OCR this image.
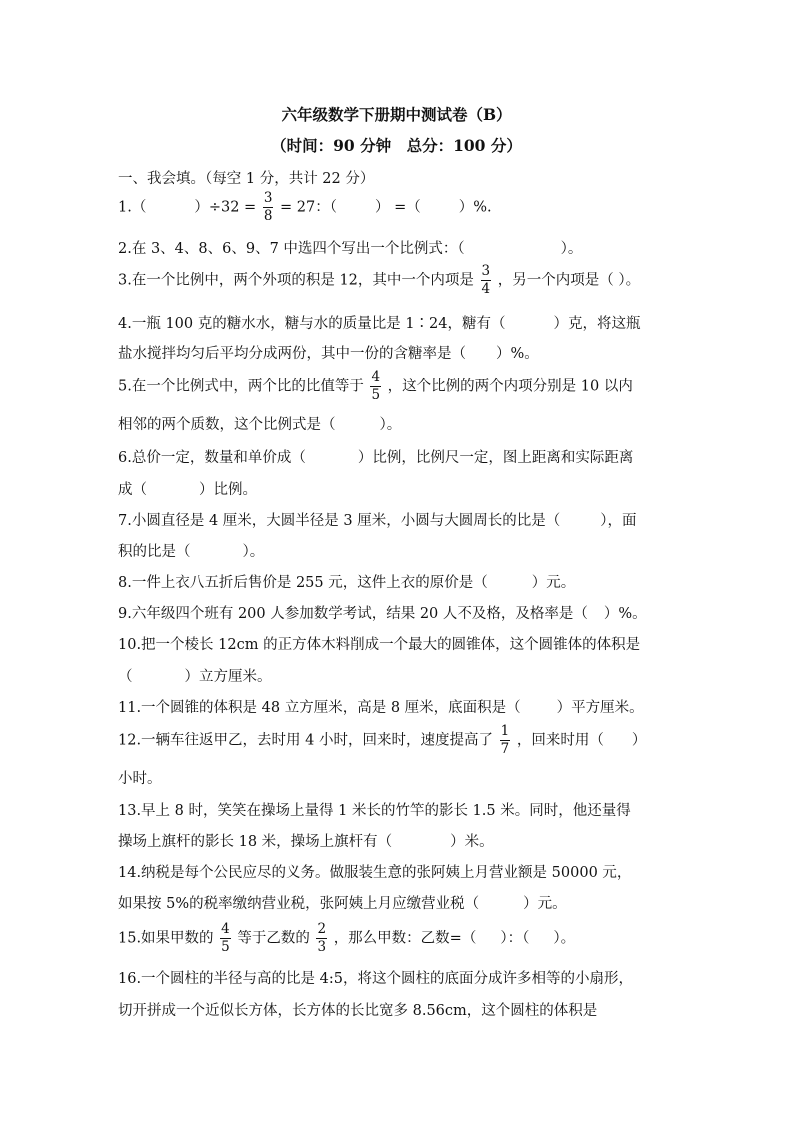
六年级数学下册期中测试卷（B）
（时间：90 分钟　总分：100 分）
一、我会填。（每空 1 分，共计 22 分）
1.（	）$\div 32 = \frac{3}{8} = 27$：（	） =（	）%.
2.在 3、4、8、6、9、7 中选四个写出一个比例式：（	）。
3.在一个比例中，两个外项的积是 12，其中一个内项是 $\frac{3}{4}$ ，另一个内项是（ ）。
4.一瓶 100 克的糖水水，糖与水的质量比是 1∶24，糖有（	）克，将这瓶
盐水搅拌均匀后平均分成两份，其中一份的含糖率是（ ）%。
5.在一个比例式中，两个比的比值等于 $\frac{4}{5}$ ，这个比例的两个内项分别是 10 以内
相邻的两个质数，这个比例式是（	）。
6.总价一定，数量和单价成（	）比例，比例尺一定，图上距离和实际距离
成（	）比例。
7.小圆直径是 4 厘米，大圆半径是 3 厘米，小圆与大圆周长的比是（	），面
积的比是（	）。
8.一件上衣八五折后售价是 255 元，这件上衣的原价是（	）元。
9.六年级四个班有 200 人参加数学考试，结果 20 人不及格，及格率是（ ）%。
10.把一个棱长 12cm 的正方体木料削成一个最大的圆锥体，这个圆锥体的体积是
（	）立方厘米。
11.一个圆锥的体积是 48 立方厘米，高是 8 厘米，底面积是（ ）平方厘米。
12.一辆车往返甲乙，去时用 4 小时，回来时，速度提高了 $\frac{1}{7}$ ，回来时用（ ）
小时。
13.早上 8 时，笑笑在操场上量得 1 米长的竹竿的影长 1.5 米。同时，他还量得
操场上旗杆的影长 18 米，操场上旗杆有（	）米。
14.纳税是每个公民应尽的义务。做服装生意的张阿姨上月营业额是 50000 元，
如果按 5%的税率缴纳营业税，张阿姨上月应缴营业税（	）元。
15.如果甲数的 $\frac{4}{5}$ 等于乙数的 $\frac{2}{3}$ ，那么甲数：乙数=（ ）：（ ）。
16.一个圆柱的半径与高的比是 4:5，将这个圆柱的底面分成许多相等的小扇形，
切开拼成一个近似长方体，长方体的长比宽多 8.56cm，这个圆柱的体积是
